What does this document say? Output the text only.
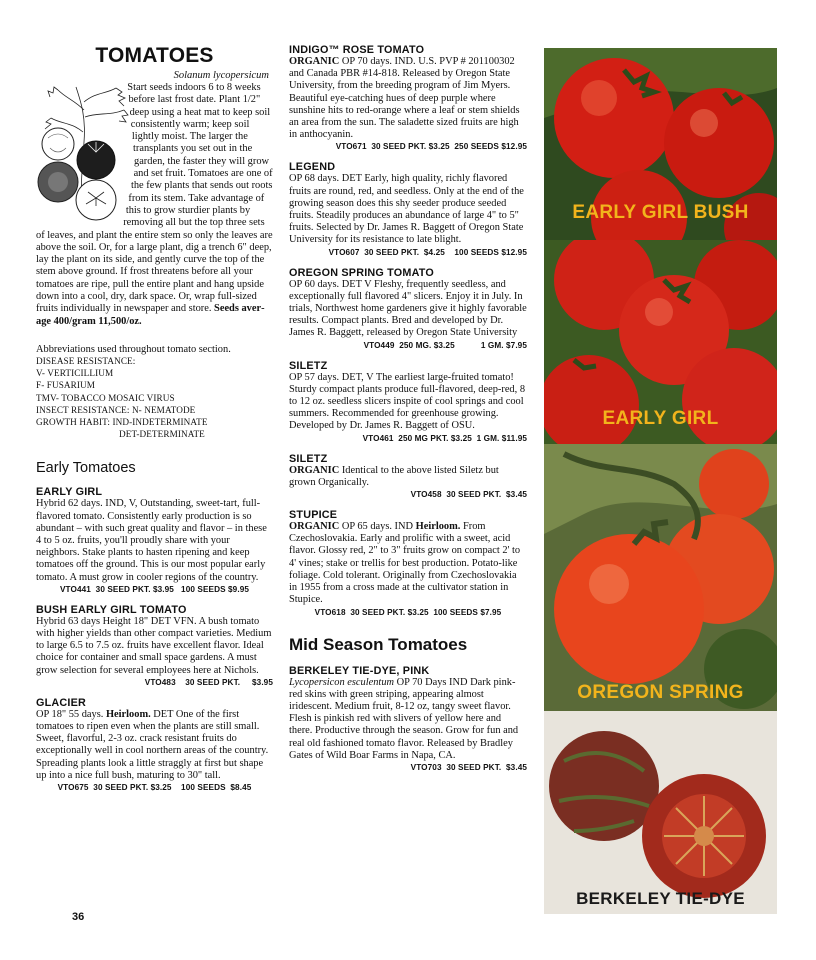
TOMATOES
Solanum lycopersicum
Start seeds indoors 6 to 8 weeks before last frost date. Plant 1/2" deep using a heat mat to keep soil consistently warm; keep soil lightly moist. The larger the transplants you set out in the garden, the faster they will grow and set fruit. Tomatoes are one of the few plants that sends out roots from its stem. Take advantage of this to grow sturdier plants by removing all but the top three sets of leaves, and plant the entire stem so only the leaves are above the soil. Or, for a large plant, dig a trench 6" deep, lay the plant on its side, and gently curve the top of the stem above ground. If frost threatens before all your tomatoes are ripe, pull the entire plant and hang upside down into a cool, dry, dark space. Or, wrap full-sized fruits individually in newspaper and store. Seeds average 400/gram 11,500/oz.
Abbreviations used throughout tomato section.
DISEASE RESISTANCE:
V- VERTICILLIUM
F- FUSARIUM
TMV- TOBACCO MOSAIC VIRUS
INSECT RESISTANCE: N- NEMATODE
GROWTH HABIT: IND-INDETERMINATE
DET-DETERMINATE
Early Tomatoes
EARLY GIRL
Hybrid 62 days. IND, V, Outstanding, sweet-tart, full-flavored tomato. Consistently early production is so abundant – with such great quality and flavor – in these 4 to 5 oz. fruits, you'll proudly share with your neighbors. Stake plants to hasten ripening and keep tomatoes off the ground. This is our most popular early tomato. A must grow in cooler regions of the country.
VTO441  30 SEED PKT. $3.95   100 SEEDS $9.95
BUSH EARLY GIRL TOMATO
Hybrid 63 days Height 18" DET VFN. A bush tomato with higher yields than other compact varieties. Medium to large 6.5 to 7.5 oz. fruits have excellent flavor. Ideal choice for container and small space gardens. A must grow selection for several employees here at Nichols.
VTO483    30 SEED PKT.     $3.95
GLACIER
OP 18" 55 days. Heirloom. DET One of the first tomatoes to ripen even when the plants are still small. Sweet, flavorful, 2-3 oz. crack resistant fruits do exceptionally well in cool northern areas of the country. Spreading plants look a little straggly at first but shape up into a nice full bush, maturing to 30" tall.
VTO675  30 SEED PKT. $3.25    100 SEEDS  $8.45
INDIGO™ ROSE TOMATO
ORGANIC OP 70 days. IND. U.S. PVP # 201100302 and Canada PBR #14-818. Released by Oregon State University, from the breeding program of Jim Myers. Beautiful eye-catching hues of deep purple where sunshine hits to red-orange where a leaf or stem shields an area from the sun. The saladette sized fruits are high in anthocyanin.
VTO671  30 SEED PKT. $3.25  250 SEEDS $12.95
LEGEND
OP 68 days. DET Early, high quality, richly flavored fruits are round, red, and seedless. Only at the end of the growing season does this shy seeder produce seeded fruits. Steadily produces an abundance of large 4" to 5" fruits. Selected by Dr. James R. Baggett of Oregon State University for its resistance to late blight.
VTO607  30 SEED PKT.  $4.25    100 SEEDS $12.95
OREGON SPRING TOMATO
OP 60 days. DET V Fleshy, frequently seedless, and exceptionally full flavored 4" slicers. Enjoy it in July. In trials, Northwest home gardeners give it highly favorable results. Compact plants. Bred and developed by Dr. James R. Baggett, released by Oregon State University
VTO449  250 MG. $3.25           1 GM. $7.95
SILETZ
OP 57 days. DET, V The earliest large-fruited tomato! Sturdy compact plants produce full-flavored, deep-red, 8 to 12 oz. seedless slicers inspite of cool springs and cool summers. Recommended for greenhouse growing. Developed by Dr. James R. Baggett of OSU.
VTO461  250 MG PKT. $3.25  1 GM. $11.95
SILETZ
ORGANIC Identical to the above listed Siletz but grown Organically.
VTO458  30 SEED PKT.  $3.45
STUPICE
ORGANIC OP 65 days. IND Heirloom. From Czechoslovakia. Early and prolific with a sweet, acid flavor. Glossy red, 2" to 3" fruits grow on compact 2' to 4' vines; stake or trellis for best production. Potato-like foliage. Cold tolerant. Originally from Czechoslovakia in 1955 from a cross made at the cultivator station in Stupice.
VTO618  30 SEED PKT. $3.25  100 SEEDS $7.95
Mid Season Tomatoes
BERKELEY TIE-DYE, PINK
Lycopersicon esculentum OP 70 Days IND Dark pink-red skins with green striping, appearing almost iridescent. Medium fruit, 8-12 oz, tangy sweet flavor. Flesh is pinkish red with slivers of yellow here and there. Productive through the season. Grow for fun and real old fashioned tomato flavor. Released by Bradley Gates of Wild Boar Farms in Napa, CA.
VTO703  30 SEED PKT.  $3.45
EARLY GIRL BUSH
EARLY GIRL
OREGON SPRING
BERKELEY TIE-DYE
36
